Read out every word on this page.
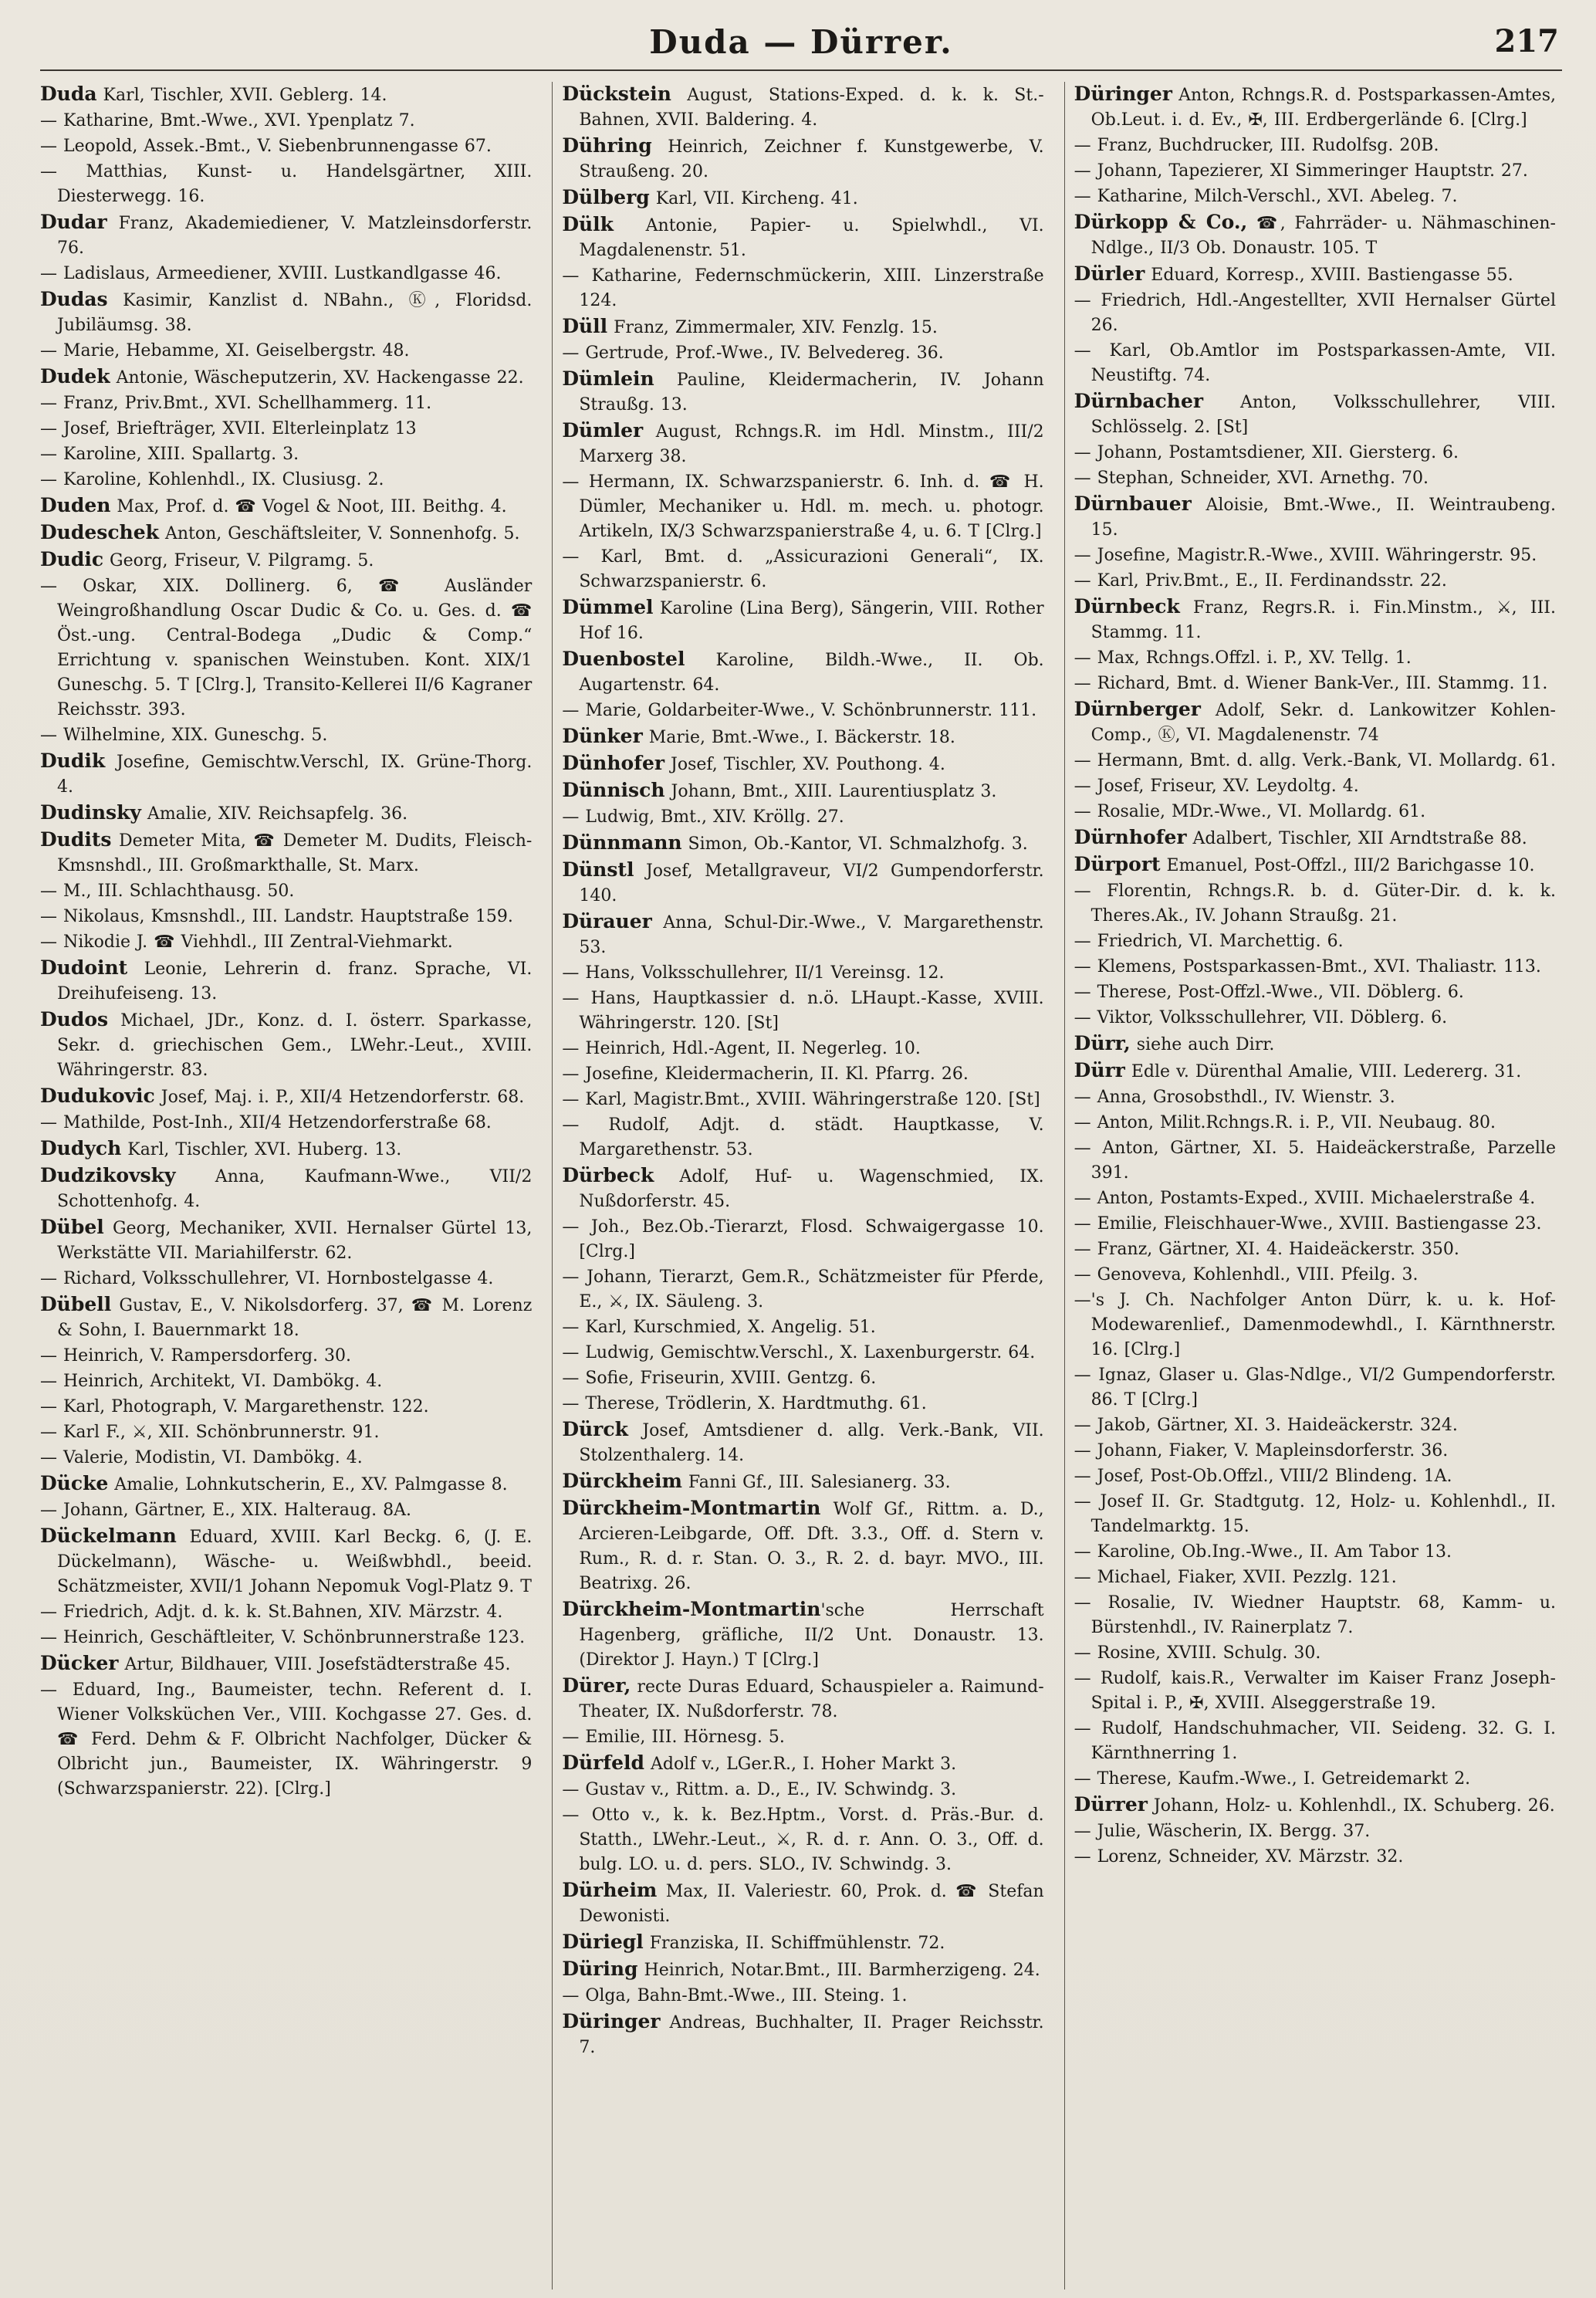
Duda — Dürrer.	217

Duda Karl, Tischler, XVII. Geblerg. 14.

— Katharine, Bmt.-Wwe., XVI. Ypenplatz 7.

— Leopold, Assek.-Bmt., V. Siebenbrunnengasse 67.

— Matthias, Kunst- u. Handelsgärtner, XIII. Diesterwegg. 16.

Dudar Franz, Akademiediener, V. Matzleinsdorferstr. 76.

— Ladislaus, Armeediener, XVIII. Lustkandlgasse 46.

Dudas Kasimir, Kanzlist d. NBahn., Ⓚ, Floridsd. Jubiläumsg. 38.

— Marie, Hebamme, XI. Geiselbergstr. 48.

Dudek Antonie, Wäscheputzerin, XV. Hackengasse 22.

— Franz, Priv.Bmt., XVI. Schellhammerg. 11.

— Josef, Briefträger, XVII. Elterleinplatz 13

— Karoline, XIII. Spallartg. 3.

— Karoline, Kohlenhdl., IX. Clusiusg. 2.

Duden Max, Prof. d. ☎ Vogel & Noot, III. Beithg. 4.

Dudeschek Anton, Geschäftsleiter, V. Sonnenhofg. 5.

Dudic Georg, Friseur, V. Pilgramg. 5.

— Oskar, XIX. Dollinerg. 6, ☎ Ausländer Weingroßhandlung Oscar Dudic & Co. u. Ges. d. ☎ Öst.-ung. Central-Bodega „Dudic & Comp.“ Errichtung v. spanischen Weinstuben. Kont. XIX/1 Guneschg. 5. T [Clrg.], Transito-Kellerei II/6 Kagraner Reichsstr. 393.

— Wilhelmine, XIX. Guneschg. 5.

Dudik Josefine, Gemischtw.Verschl, IX. Grüne-Thorg. 4.

Dudinsky Amalie, XIV. Reichsapfelg. 36.

Dudits Demeter Mita, ☎ Demeter M. Dudits, Fleisch-Kmsnshdl., III. Großmarkthalle, St. Marx.

— M., III. Schlachthausg. 50.

— Nikolaus, Kmsnshdl., III. Landstr. Hauptstraße 159.

— Nikodie J. ☎ Viehhdl., III Zentral-Viehmarkt.

Dudoint Leonie, Lehrerin d. franz. Sprache, VI. Dreihufeiseng. 13.

Dudos Michael, JDr., Konz. d. I. österr. Sparkasse, Sekr. d. griechischen Gem., LWehr.-Leut., XVIII. Währingerstr. 83.

Dudukovic Josef, Maj. i. P., XII/4 Hetzendorferstr. 68.

— Mathilde, Post-Inh., XII/4 Hetzendorferstraße 68.

Dudych Karl, Tischler, XVI. Huberg. 13.

Dudzikovsky Anna, Kaufmann-Wwe., VII/2 Schottenhofg. 4.

Dübel Georg, Mechaniker, XVII. Hernalser Gürtel 13, Werkstätte VII. Mariahilferstr. 62.

— Richard, Volksschullehrer, VI. Hornbostelgasse 4.

Dübell Gustav, E., V. Nikolsdorferg. 37, ☎ M. Lorenz & Sohn, I. Bauernmarkt 18.

— Heinrich, V. Rampersdorferg. 30.

— Heinrich, Architekt, VI. Dambökg. 4.

— Karl, Photograph, V. Margarethenstr. 122.

— Karl F., ⚔, XII. Schönbrunnerstr. 91.

— Valerie, Modistin, VI. Dambökg. 4.

Dücke Amalie, Lohnkutscherin, E., XV. Palmgasse 8.

— Johann, Gärtner, E., XIX. Halteraug. 8A.

Dückelmann Eduard, XVIII. Karl Beckg. 6, (J. E. Dückelmann), Wäsche- u. Weißwbhdl., beeid. Schätzmeister, XVII/1 Johann Nepomuk Vogl-Platz 9. T

— Friedrich, Adjt. d. k. k. St.Bahnen, XIV. Märzstr. 4.

— Heinrich, Geschäftleiter, V. Schönbrunnerstraße 123.

Dücker Artur, Bildhauer, VIII. Josefstädterstraße 45.

— Eduard, Ing., Baumeister, techn. Referent d. I. Wiener Volksküchen Ver., VIII. Kochgasse 27. Ges. d. ☎ Ferd. Dehm & F. Olbricht Nachfolger, Dücker & Olbricht jun., Baumeister, IX. Währingerstr. 9 (Schwarzspanierstr. 22). [Clrg.]

Dückstein August, Stations-Exped. d. k. k. St.-Bahnen, XVII. Baldering. 4.

Dühring Heinrich, Zeichner f. Kunstgewerbe, V. Straußeng. 20.

Dülberg Karl, VII. Kircheng. 41.

Dülk Antonie, Papier- u. Spielwhdl., VI. Magdalenenstr. 51.

— Katharine, Federnschmückerin, XIII. Linzerstraße 124.

Düll Franz, Zimmermaler, XIV. Fenzlg. 15.

— Gertrude, Prof.-Wwe., IV. Belvedereg. 36.

Dümlein Pauline, Kleidermacherin, IV. Johann Straußg. 13.

Dümler August, Rchngs.R. im Hdl. Minstm., III/2 Marxerg 38.

— Hermann, IX. Schwarzspanierstr. 6. Inh. d. ☎ H. Dümler, Mechaniker u. Hdl. m. mech. u. photogr. Artikeln, IX/3 Schwarzspanierstraße 4, u. 6. T [Clrg.]

— Karl, Bmt. d. „Assicurazioni Generali“, IX. Schwarzspanierstr. 6.

Dümmel Karoline (Lina Berg), Sängerin, VIII. Rother Hof 16.

Duenbostel Karoline, Bildh.-Wwe., II. Ob. Augartenstr. 64.

— Marie, Goldarbeiter-Wwe., V. Schönbrunnerstr. 111.

Dünker Marie, Bmt.-Wwe., I. Bäckerstr. 18.

Dünhofer Josef, Tischler, XV. Pouthong. 4.

Dünnisch Johann, Bmt., XIII. Laurentiusplatz 3.

— Ludwig, Bmt., XIV. Kröllg. 27.

Dünnmann Simon, Ob.-Kantor, VI. Schmalzhofg. 3.

Dünstl Josef, Metallgraveur, VI/2 Gumpendorferstr. 140.

Dürauer Anna, Schul-Dir.-Wwe., V. Margarethenstr. 53.

— Hans, Volksschullehrer, II/1 Vereinsg. 12.

— Hans, Hauptkassier d. n.ö. LHaupt.-Kasse, XVIII. Währingerstr. 120. [St]

— Heinrich, Hdl.-Agent, II. Negerleg. 10.

— Josefine, Kleidermacherin, II. Kl. Pfarrg. 26.

— Karl, Magistr.Bmt., XVIII. Währingerstraße 120. [St]

— Rudolf, Adjt. d. städt. Hauptkasse, V. Margarethenstr. 53.

Dürbeck Adolf, Huf- u. Wagenschmied, IX. Nußdorferstr. 45.

— Joh., Bez.Ob.-Tierarzt, Flosd. Schwaigergasse 10. [Clrg.]

— Johann, Tierarzt, Gem.R., Schätzmeister für Pferde, E., ⚔, IX. Säuleng. 3.

— Karl, Kurschmied, X. Angelig. 51.

— Ludwig, Gemischtw.Verschl., X. Laxenburgerstr. 64.

— Sofie, Friseurin, XVIII. Gentzg. 6.

— Therese, Trödlerin, X. Hardtmuthg. 61.

Dürck Josef, Amtsdiener d. allg. Verk.-Bank, VII. Stolzenthalerg. 14.

Dürckheim Fanni Gf., III. Salesianerg. 33.

Dürckheim-Montmartin Wolf Gf., Rittm. a. D., Arcieren-Leibgarde, Off. Dft. 3.3., Off. d. Stern v. Rum., R. d. r. Stan. O. 3., R. 2. d. bayr. MVO., III. Beatrixg. 26.

Dürckheim-Montmartin'sche Herrschaft Hagenberg, gräfliche, II/2 Unt. Donaustr. 13. (Direktor J. Hayn.) T [Clrg.]

Dürer, recte Duras Eduard, Schauspieler a. Raimund-Theater, IX. Nußdorferstr. 78.

— Emilie, III. Hörnesg. 5.

Dürfeld Adolf v., LGer.R., I. Hoher Markt 3.

— Gustav v., Rittm. a. D., E., IV. Schwindg. 3.

— Otto v., k. k. Bez.Hptm., Vorst. d. Präs.-Bur. d. Statth., LWehr.-Leut., ⚔, R. d. r. Ann. O. 3., Off. d. bulg. LO. u. d. pers. SLO., IV. Schwindg. 3.

Dürheim Max, II. Valeriestr. 60, Prok. d. ☎ Stefan Dewonisti.

Düriegl Franziska, II. Schiffmühlenstr. 72.

Düring Heinrich, Notar.Bmt., III. Barmherzigeng. 24.

— Olga, Bahn-Bmt.-Wwe., III. Steing. 1.

Düringer Andreas, Buchhalter, II. Prager Reichsstr. 7.

Düringer Anton, Rchngs.R. d. Postsparkassen-Amtes, Ob.Leut. i. d. Ev., ✠, III. Erdbergerlände 6. [Clrg.]

— Franz, Buchdrucker, III. Rudolfsg. 20B.

— Johann, Tapezierer, XI Simmeringer Hauptstr. 27.

— Katharine, Milch-Verschl., XVI. Abeleg. 7.

Dürkopp & Co., ☎, Fahrräder- u. Nähmaschinen-Ndlge., II/3 Ob. Donaustr. 105. T

Dürler Eduard, Korresp., XVIII. Bastiengasse 55.

— Friedrich, Hdl.-Angestellter, XVII Hernalser Gürtel 26.

— Karl, Ob.Amtlor im Postsparkassen-Amte, VII. Neustiftg. 74.

Dürnbacher Anton, Volksschullehrer, VIII. Schlösselg. 2. [St]

— Johann, Postamtsdiener, XII. Giersterg. 6.

— Stephan, Schneider, XVI. Arnethg. 70.

Dürnbauer Aloisie, Bmt.-Wwe., II. Weintraubeng. 15.

— Josefine, Magistr.R.-Wwe., XVIII. Währingerstr. 95.

— Karl, Priv.Bmt., E., II. Ferdinandsstr. 22.

Dürnbeck Franz, Regrs.R. i. Fin.Minstm., ⚔, III. Stammg. 11.

— Max, Rchngs.Offzl. i. P., XV. Tellg. 1.

— Richard, Bmt. d. Wiener Bank-Ver., III. Stammg. 11.

Dürnberger Adolf, Sekr. d. Lankowitzer Kohlen-Comp., Ⓚ, VI. Magdalenenstr. 74

— Hermann, Bmt. d. allg. Verk.-Bank, VI. Mollardg. 61.

— Josef, Friseur, XV. Leydoltg. 4.

— Rosalie, MDr.-Wwe., VI. Mollardg. 61.

Dürnhofer Adalbert, Tischler, XII Arndtstraße 88.

Dürport Emanuel, Post-Offzl., III/2 Barichgasse 10.

— Florentin, Rchngs.R. b. d. Güter-Dir. d. k. k. Theres.Ak., IV. Johann Straußg. 21.

— Friedrich, VI. Marchettig. 6.

— Klemens, Postsparkassen-Bmt., XVI. Thaliastr. 113.

— Therese, Post-Offzl.-Wwe., VII. Döblerg. 6.

— Viktor, Volksschullehrer, VII. Döblerg. 6.

Dürr, siehe auch Dirr.

Dürr Edle v. Dürenthal Amalie, VIII. Ledererg. 31.

— Anna, Grosobsthdl., IV. Wienstr. 3.

— Anton, Milit.Rchngs.R. i. P., VII. Neubaug. 80.

— Anton, Gärtner, XI. 5. Haideäckerstraße, Parzelle 391.

— Anton, Postamts-Exped., XVIII. Michaelerstraße 4.

— Emilie, Fleischhauer-Wwe., XVIII. Bastiengasse 23.

— Franz, Gärtner, XI. 4. Haideäckerstr. 350.

— Genoveva, Kohlenhdl., VIII. Pfeilg. 3.

—'s J. Ch. Nachfolger Anton Dürr, k. u. k. Hof-Modewarenlief., Damenmodewhdl., I. Kärnthnerstr. 16. [Clrg.]

— Ignaz, Glaser u. Glas-Ndlge., VI/2 Gumpendorferstr. 86. T [Clrg.]

— Jakob, Gärtner, XI. 3. Haideäckerstr. 324.

— Johann, Fiaker, V. Mapleinsdorferstr. 36.

— Josef, Post-Ob.Offzl., VIII/2 Blindeng. 1A.

— Josef II. Gr. Stadtgutg. 12, Holz- u. Kohlenhdl., II. Tandelmarktg. 15.

— Karoline, Ob.Ing.-Wwe., II. Am Tabor 13.

— Michael, Fiaker, XVII. Pezzlg. 121.

— Rosalie, IV. Wiedner Hauptstr. 68, Kamm- u. Bürstenhdl., IV. Rainerplatz 7.

— Rosine, XVIII. Schulg. 30.

— Rudolf, kais.R., Verwalter im Kaiser Franz Joseph-Spital i. P., ✠, XVIII. Alseggerstraße 19.

— Rudolf, Handschuhmacher, VII. Seideng. 32. G. I. Kärnthnerring 1.

— Therese, Kaufm.-Wwe., I. Getreidemarkt 2.

Dürrer Johann, Holz- u. Kohlenhdl., IX. Schuberg. 26.

— Julie, Wäscherin, IX. Bergg. 37.

— Lorenz, Schneider, XV. Märzstr. 32.
